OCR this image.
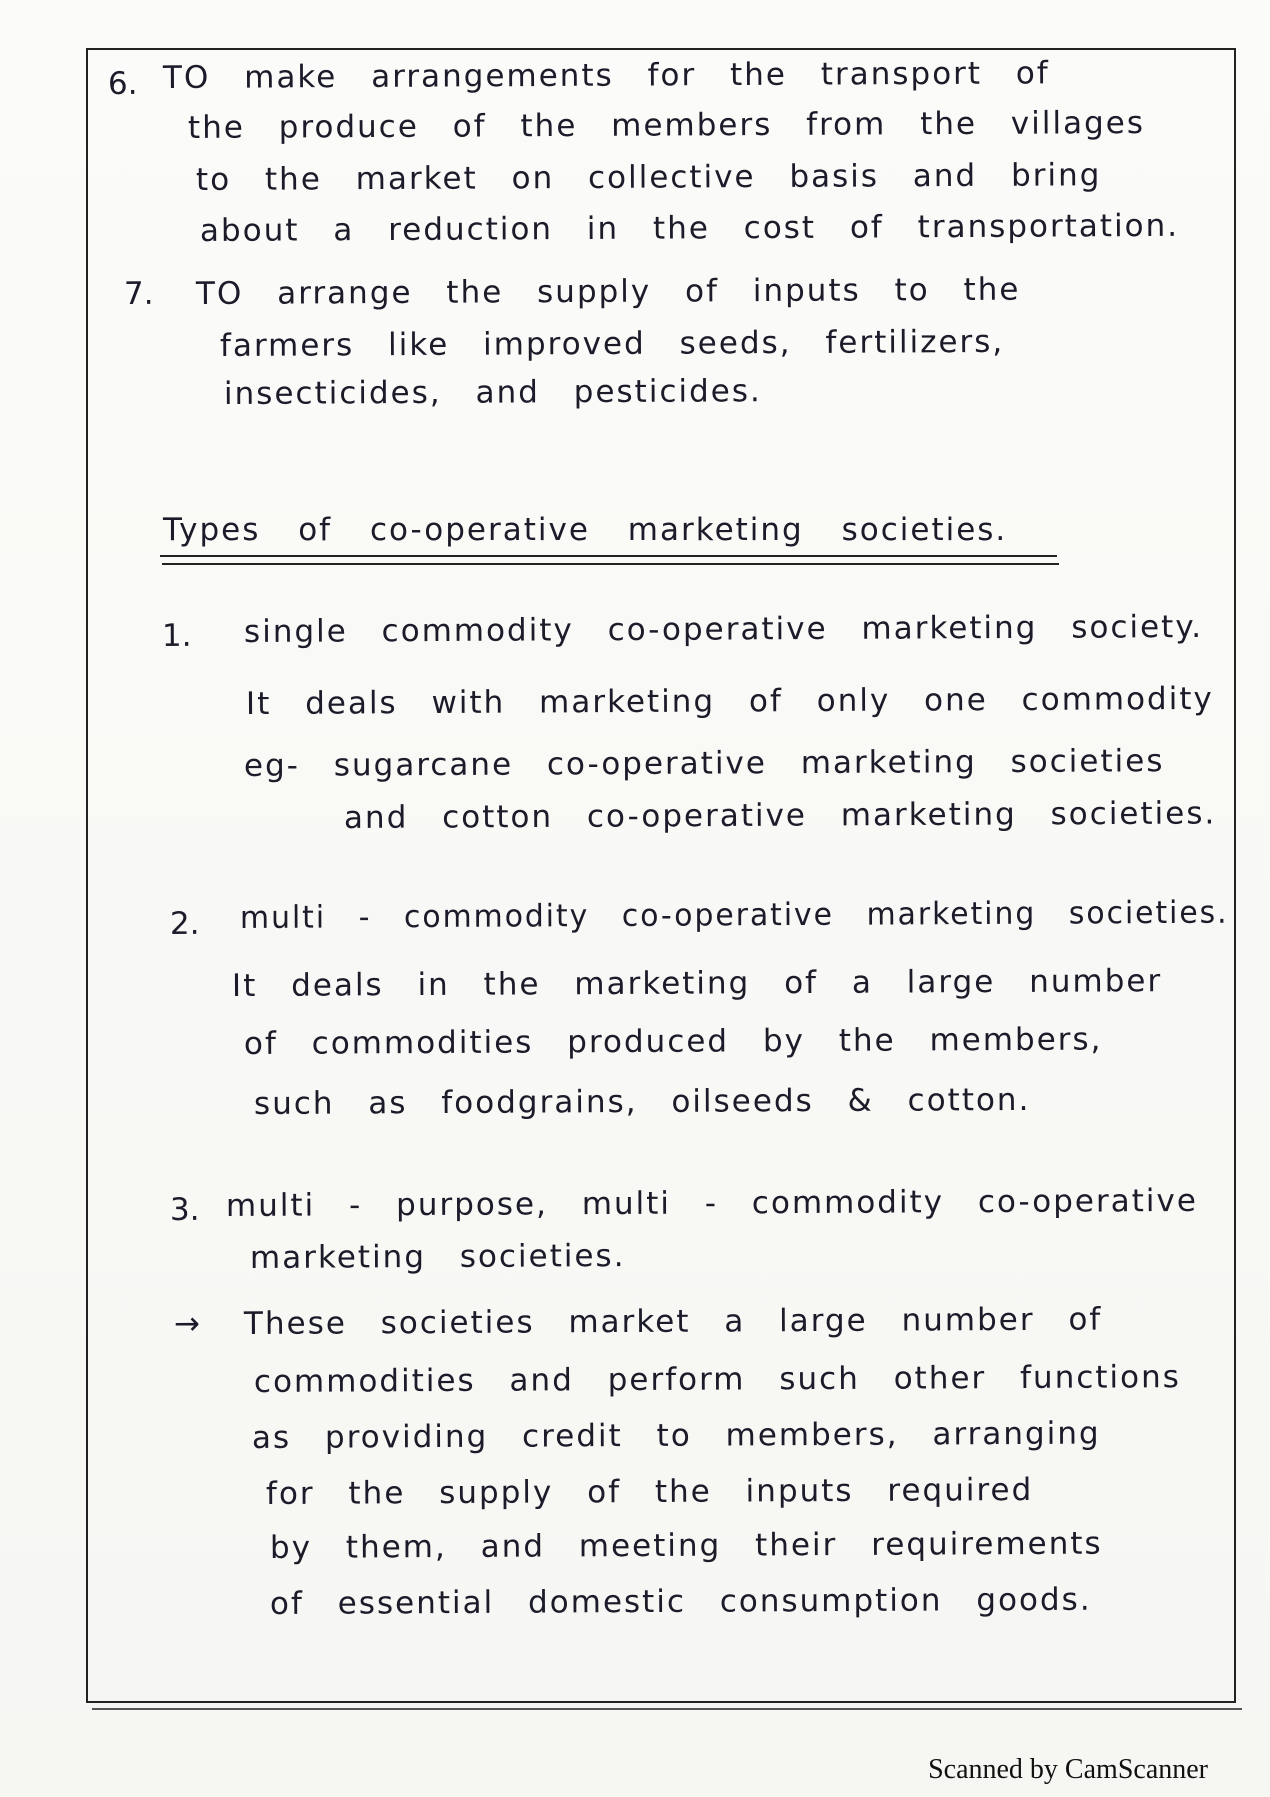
6. TO make arrangements for the transport of
the produce of the members from the villages
to the market on collective basis and bring
about a reduction in the cost of transportation.
7. TO arrange the supply of inputs to the
farmers like improved seeds, fertilizers,
insecticides, and pesticides.
Types of co-operative marketing societies.
1. single commodity co-operative marketing society.
It deals with marketing of only one commodity
eg- sugarcane co-operative marketing societies
and cotton co-operative marketing societies.
2. multi - commodity co-operative marketing societies.
It deals in the marketing of a large number
of commodities produced by the members,
such as foodgrains, oilseeds & cotton.
3. multi - purpose, multi - commodity co-operative
marketing societies.
→ These societies market a large number of
commodities and perform such other functions
as providing credit to members, arranging
for the supply of the inputs required
by them, and meeting their requirements
of essential domestic consumption goods.
Scanned by CamScanner
